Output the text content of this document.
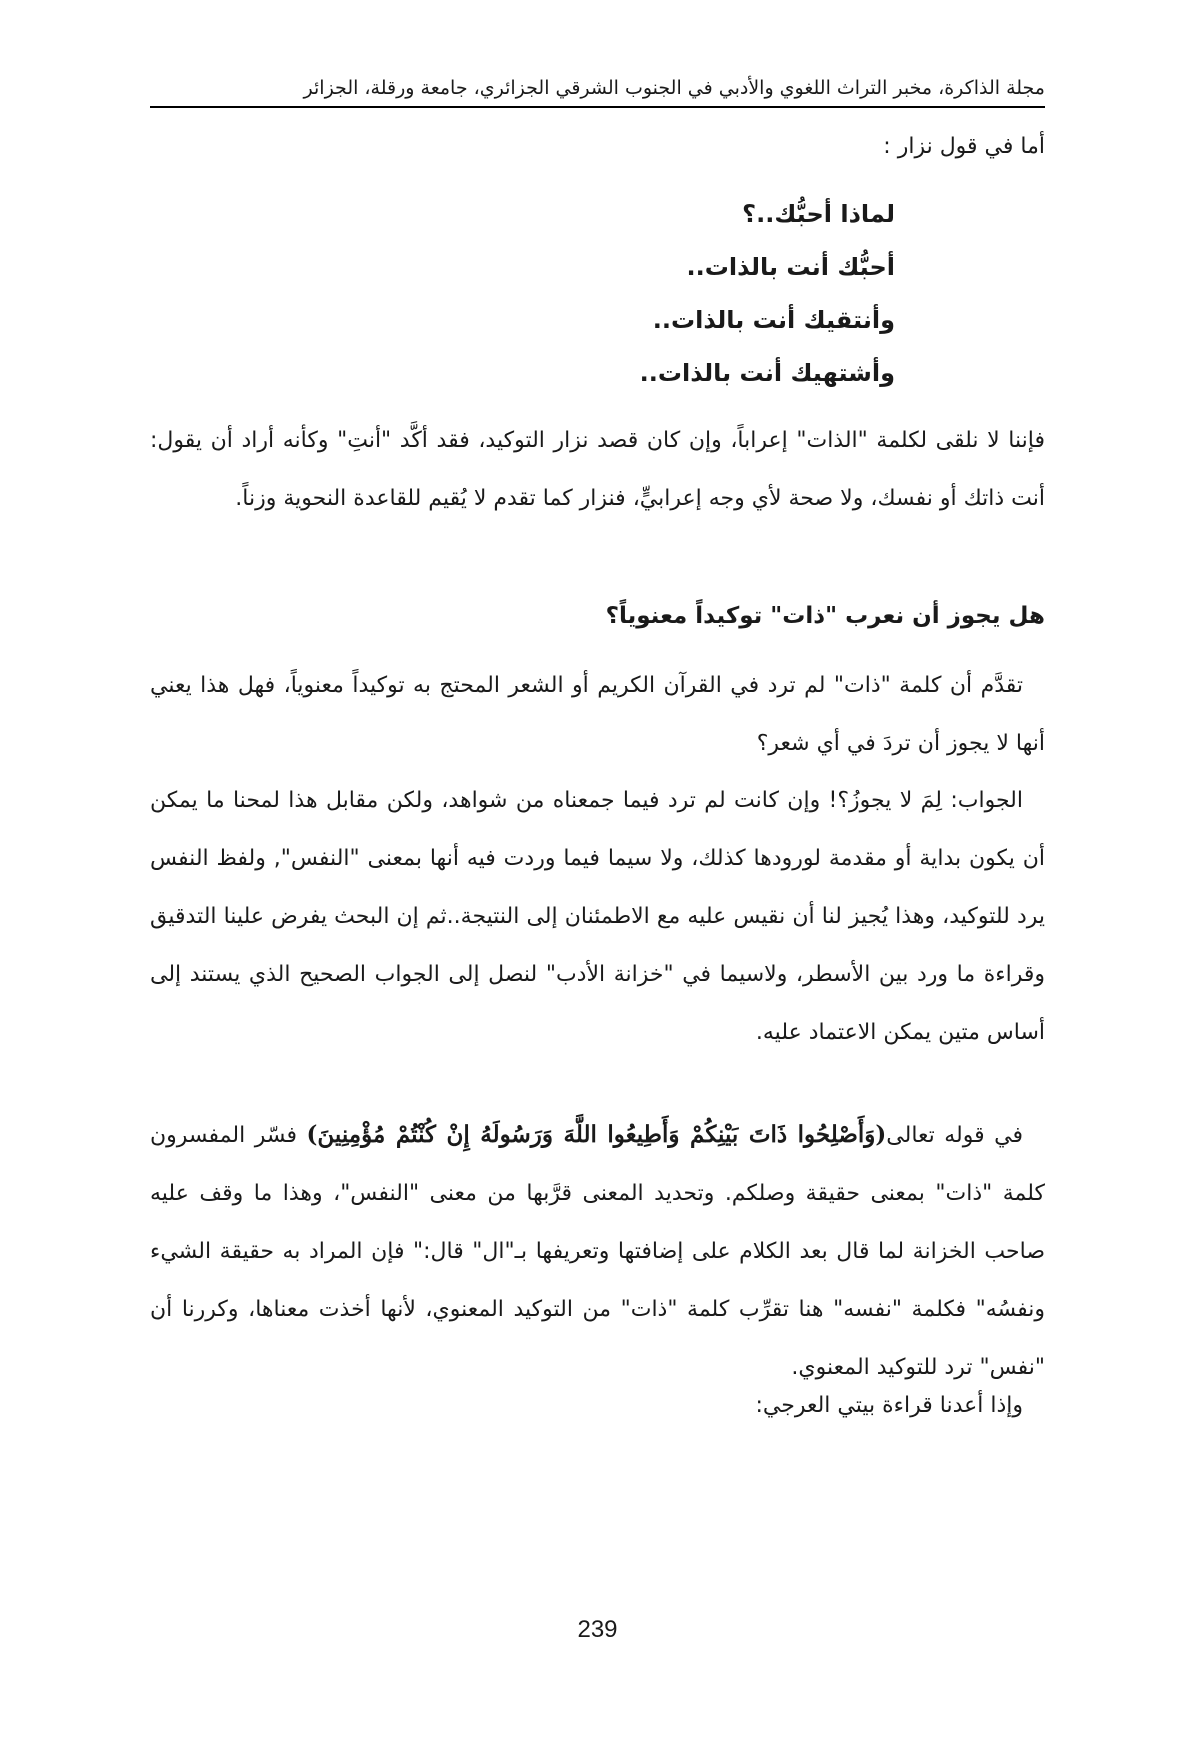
مجلة الذاكرة، مخبر التراث اللغوي والأدبي في الجنوب الشرقي الجزائري، جامعة ورقلة، الجزائر

أما في قول نزار :

لماذا أحبُّك..؟
أحبُّك أنت بالذات..
وأنتقيك أنت بالذات..
وأشتهيك أنت بالذات..

فإننا لا نلقى لكلمة "الذات" إعراباً، وإن كان قصد نزار التوكيد، فقد أكَّد "أنتِ" وكأنه أراد أن يقول: أنت ذاتك أو نفسك، ولا صحة لأي وجه إعرابيٍّ، فنزار كما تقدم لا يُقيم للقاعدة النحوية وزناً.

هل يجوز أن نعرب "ذات" توكيداً معنوياً؟

تقدَّم أن كلمة "ذات" لم ترد في القرآن الكريم أو الشعر المحتج به توكيداً معنوياً، فهل هذا يعني أنها لا يجوز أن تردَ في أي شعر؟

الجواب: لِمَ لا يجوزُ؟! وإن كانت لم ترد فيما جمعناه من شواهد، ولكن مقابل هذا لمحنا ما يمكن أن يكون بداية أو مقدمة لورودها كذلك، ولا سيما فيما وردت فيه أنها بمعنى "النفس", ولفظ النفس يرد للتوكيد، وهذا يُجيز لنا أن نقيس عليه مع الاطمئنان إلى النتيجة..ثم إن البحث يفرض علينا التدقيق وقراءة ما ورد بين الأسطر، ولاسيما في "خزانة الأدب" لنصل إلى الجواب الصحيح الذي يستند إلى أساس متين يمكن الاعتماد عليه.

في قوله تعالى(وَأَصْلِحُوا ذَاتَ بَيْنِكُمْ وَأَطِيعُوا اللَّهَ وَرَسُولَهُ إِنْ كُنْتُمْ مُؤْمِنِينَ) فسّر المفسرون كلمة "ذات" بمعنى حقيقة وصلكم. وتحديد المعنى قرَّبها من معنى "النفس"، وهذا ما وقف عليه صاحب الخزانة لما قال بعد الكلام على إضافتها وتعريفها بـ"ال" قال:" فإن المراد به حقيقة الشيء ونفسُه" فكلمة "نفسه" هنا تقرِّب كلمة "ذات" من التوكيد المعنوي، لأنها أخذت معناها، وكررنا أن "نفس" ترد للتوكيد المعنوي.

وإذا أعدنا قراءة بيتي العرجي:

239
